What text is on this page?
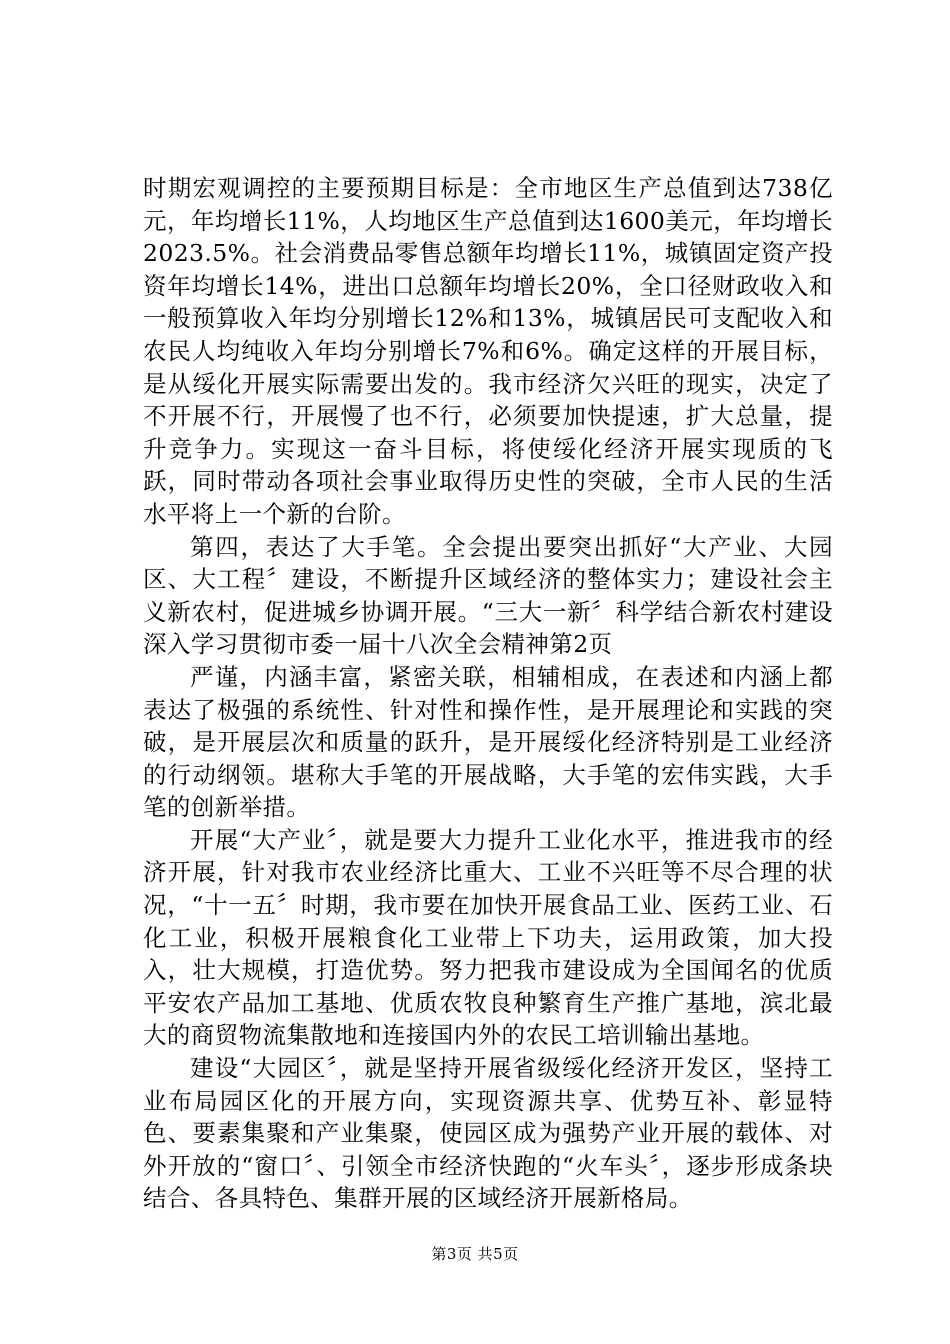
时期宏观调控的主要预期目标是：全市地区生产总值到达738亿元，年均增长11%，人均地区生产总值到达1600美元，年均增长2023.5%。社会消费品零售总额年均增长11%，城镇固定资产投资年均增长14%，进出口总额年均增长20%，全口径财政收入和一般预算收入年均分别增长12%和13%，城镇居民可支配收入和农民人均纯收入年均分别增长7%和6%。确定这样的开展目标，是从绥化开展实际需要出发的。我市经济欠兴旺的现实，决定了不开展不行，开展慢了也不行，必须要加快提速，扩大总量，提升竞争力。实现这一奋斗目标，将使绥化经济开展实现质的飞跃，同时带动各项社会事业取得历史性的突破，全市人民的生活水平将上一个新的台阶。

第四，表达了大手笔。全会提出要突出抓好“大产业、大园区、大工程〞建设，不断提升区域经济的整体实力；建设社会主义新农村，促进城乡协调开展。“三大一新〞科学结合新农村建设深入学习贯彻市委一届十八次全会精神第2页

严谨，内涵丰富，紧密关联，相辅相成，在表述和内涵上都表达了极强的系统性、针对性和操作性，是开展理论和实践的突破，是开展层次和质量的跃升，是开展绥化经济特别是工业经济的行动纲领。堪称大手笔的开展战略，大手笔的宏伟实践，大手笔的创新举措。

开展“大产业〞，就是要大力提升工业化水平，推进我市的经济开展，针对我市农业经济比重大、工业不兴旺等不尽合理的状况，“十一五〞时期，我市要在加快开展食品工业、医药工业、石化工业，积极开展粮食化工业带上下功夫，运用政策，加大投入，壮大规模，打造优势。努力把我市建设成为全国闻名的优质平安农产品加工基地、优质农牧良种繁育生产推广基地，滨北最大的商贸物流集散地和连接国内外的农民工培训输出基地。

建设“大园区〞，就是坚持开展省级绥化经济开发区，坚持工业布局园区化的开展方向，实现资源共享、优势互补、彰显特色、要素集聚和产业集聚，使园区成为强势产业开展的载体、对外开放的“窗口〞、引领全市经济快跑的“火车头〞，逐步形成条块结合、各具特色、集群开展的区域经济开展新格局。

第3页 共5页
